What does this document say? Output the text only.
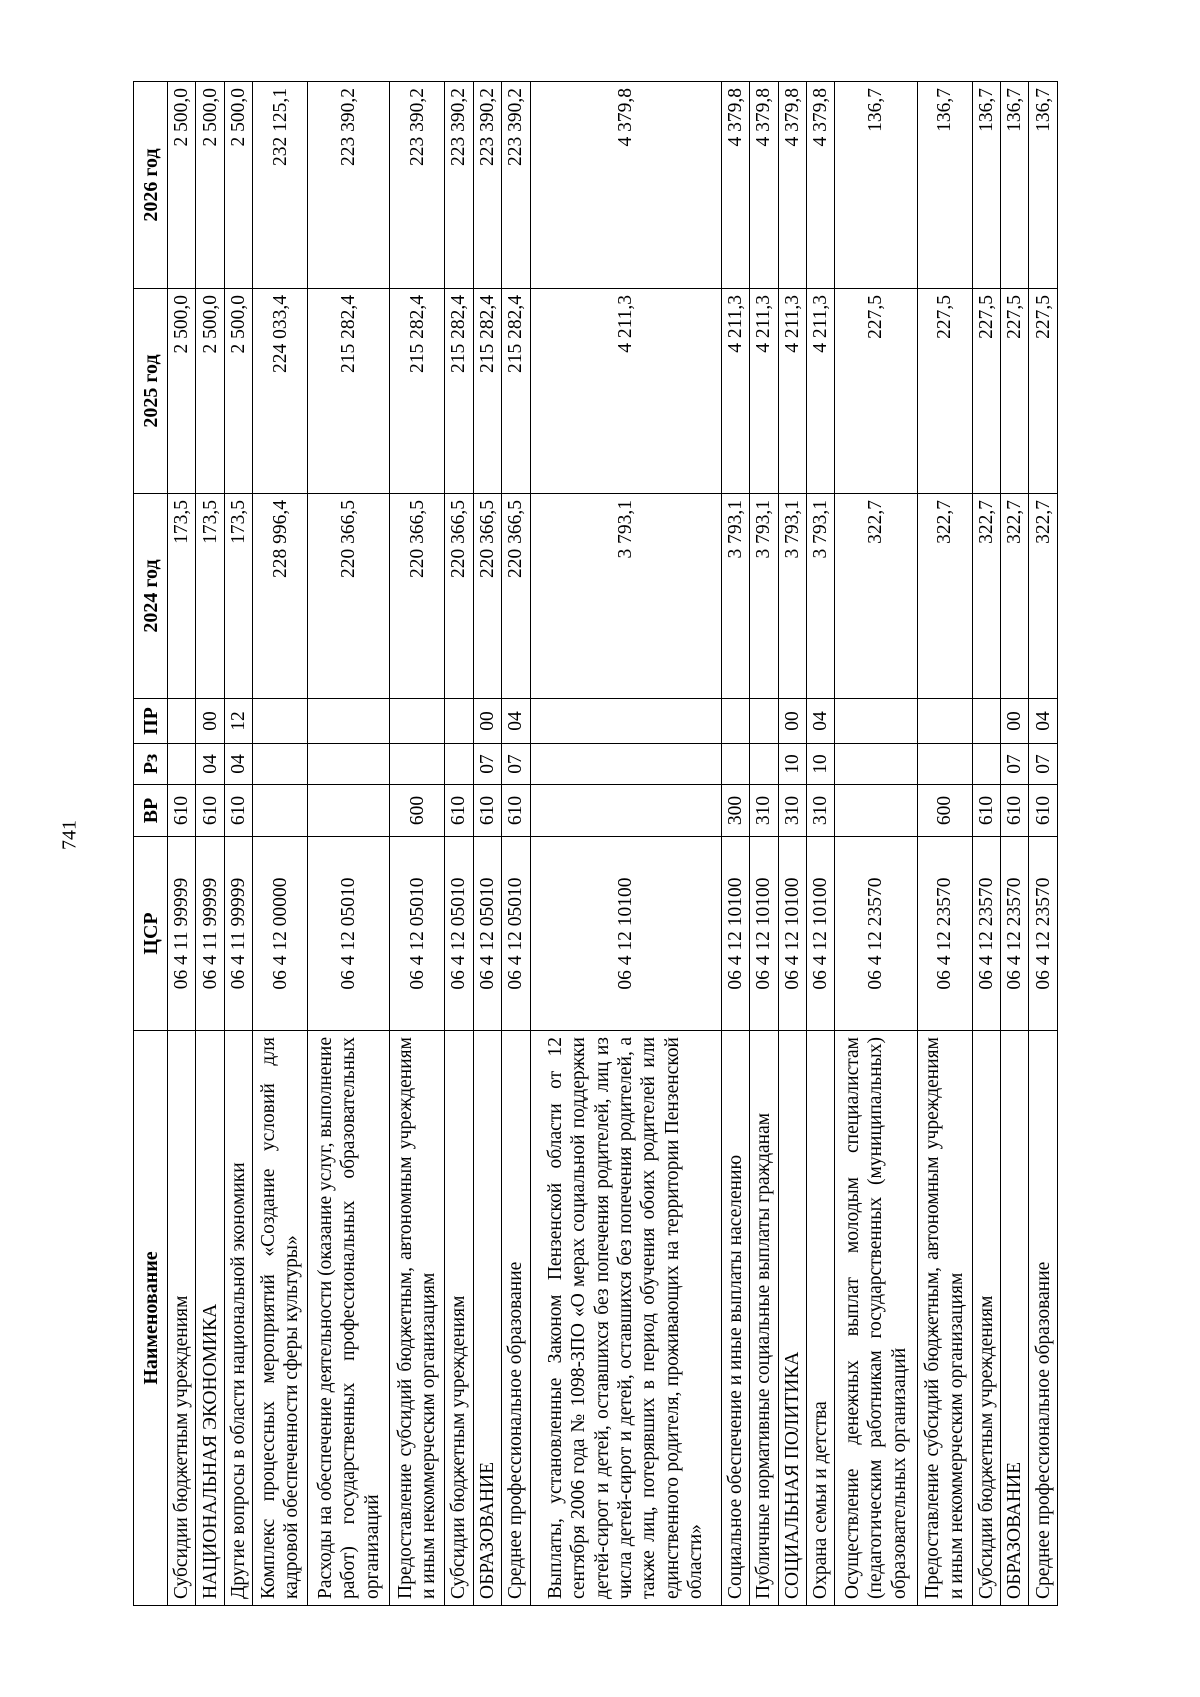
741
Наименование	ЦСР	ВР	Рз	ПР	2024 год	2025 год	2026 год
Субсидии бюджетным учреждениям	06 4 11 99999	610			173,5	2 500,0	2 500,0
НАЦИОНАЛЬНАЯ ЭКОНОМИКА	06 4 11 99999	610	04	00	173,5	2 500,0	2 500,0
Другие вопросы в области национальной экономики	06 4 11 99999	610	04	12	173,5	2 500,0	2 500,0
Комплекс процессных мероприятий «Создание условий для кадровой обеспеченности сферы культуры»	06 4 12 00000				228 996,4	224 033,4	232 125,1
Расходы на обеспечение деятельности (оказание услуг, выполнение работ) государственных профессиональных образовательных организаций	06 4 12 05010				220 366,5	215 282,4	223 390,2
Предоставление субсидий бюджетным, автономным учреждениям и иным некоммерческим организациям	06 4 12 05010	600			220 366,5	215 282,4	223 390,2
Субсидии бюджетным учреждениям	06 4 12 05010	610			220 366,5	215 282,4	223 390,2
ОБРАЗОВАНИЕ	06 4 12 05010	610	07	00	220 366,5	215 282,4	223 390,2
Среднее профессиональное образование	06 4 12 05010	610	07	04	220 366,5	215 282,4	223 390,2
Выплаты, установленные Законом Пензенской области от 12 сентября 2006 года № 1098-ЗПО «О мерах социальной поддержки детей-сирот и детей, оставшихся без попечения родителей, лиц из числа детей-сирот и детей, оставшихся без попечения родителей, а также лиц, потерявших в период обучения обоих родителей или единственного родителя, проживающих на территории Пензенской области»	06 4 12 10100				3 793,1	4 211,3	4 379,8
Социальное обеспечение и иные выплаты населению	06 4 12 10100	300			3 793,1	4 211,3	4 379,8
Публичные нормативные социальные выплаты гражданам	06 4 12 10100	310			3 793,1	4 211,3	4 379,8
СОЦИАЛЬНАЯ ПОЛИТИКА	06 4 12 10100	310	10	00	3 793,1	4 211,3	4 379,8
Охрана семьи и детства	06 4 12 10100	310	10	04	3 793,1	4 211,3	4 379,8
Осуществление денежных выплат молодым специалистам (педагогическим работникам государственных (муниципальных) образовательных организаций	06 4 12 23570				322,7	227,5	136,7
Предоставление субсидий бюджетным, автономным учреждениям и иным некоммерческим организациям	06 4 12 23570	600			322,7	227,5	136,7
Субсидии бюджетным учреждениям	06 4 12 23570	610			322,7	227,5	136,7
ОБРАЗОВАНИЕ	06 4 12 23570	610	07	00	322,7	227,5	136,7
Среднее профессиональное образование	06 4 12 23570	610	07	04	322,7	227,5	136,7
